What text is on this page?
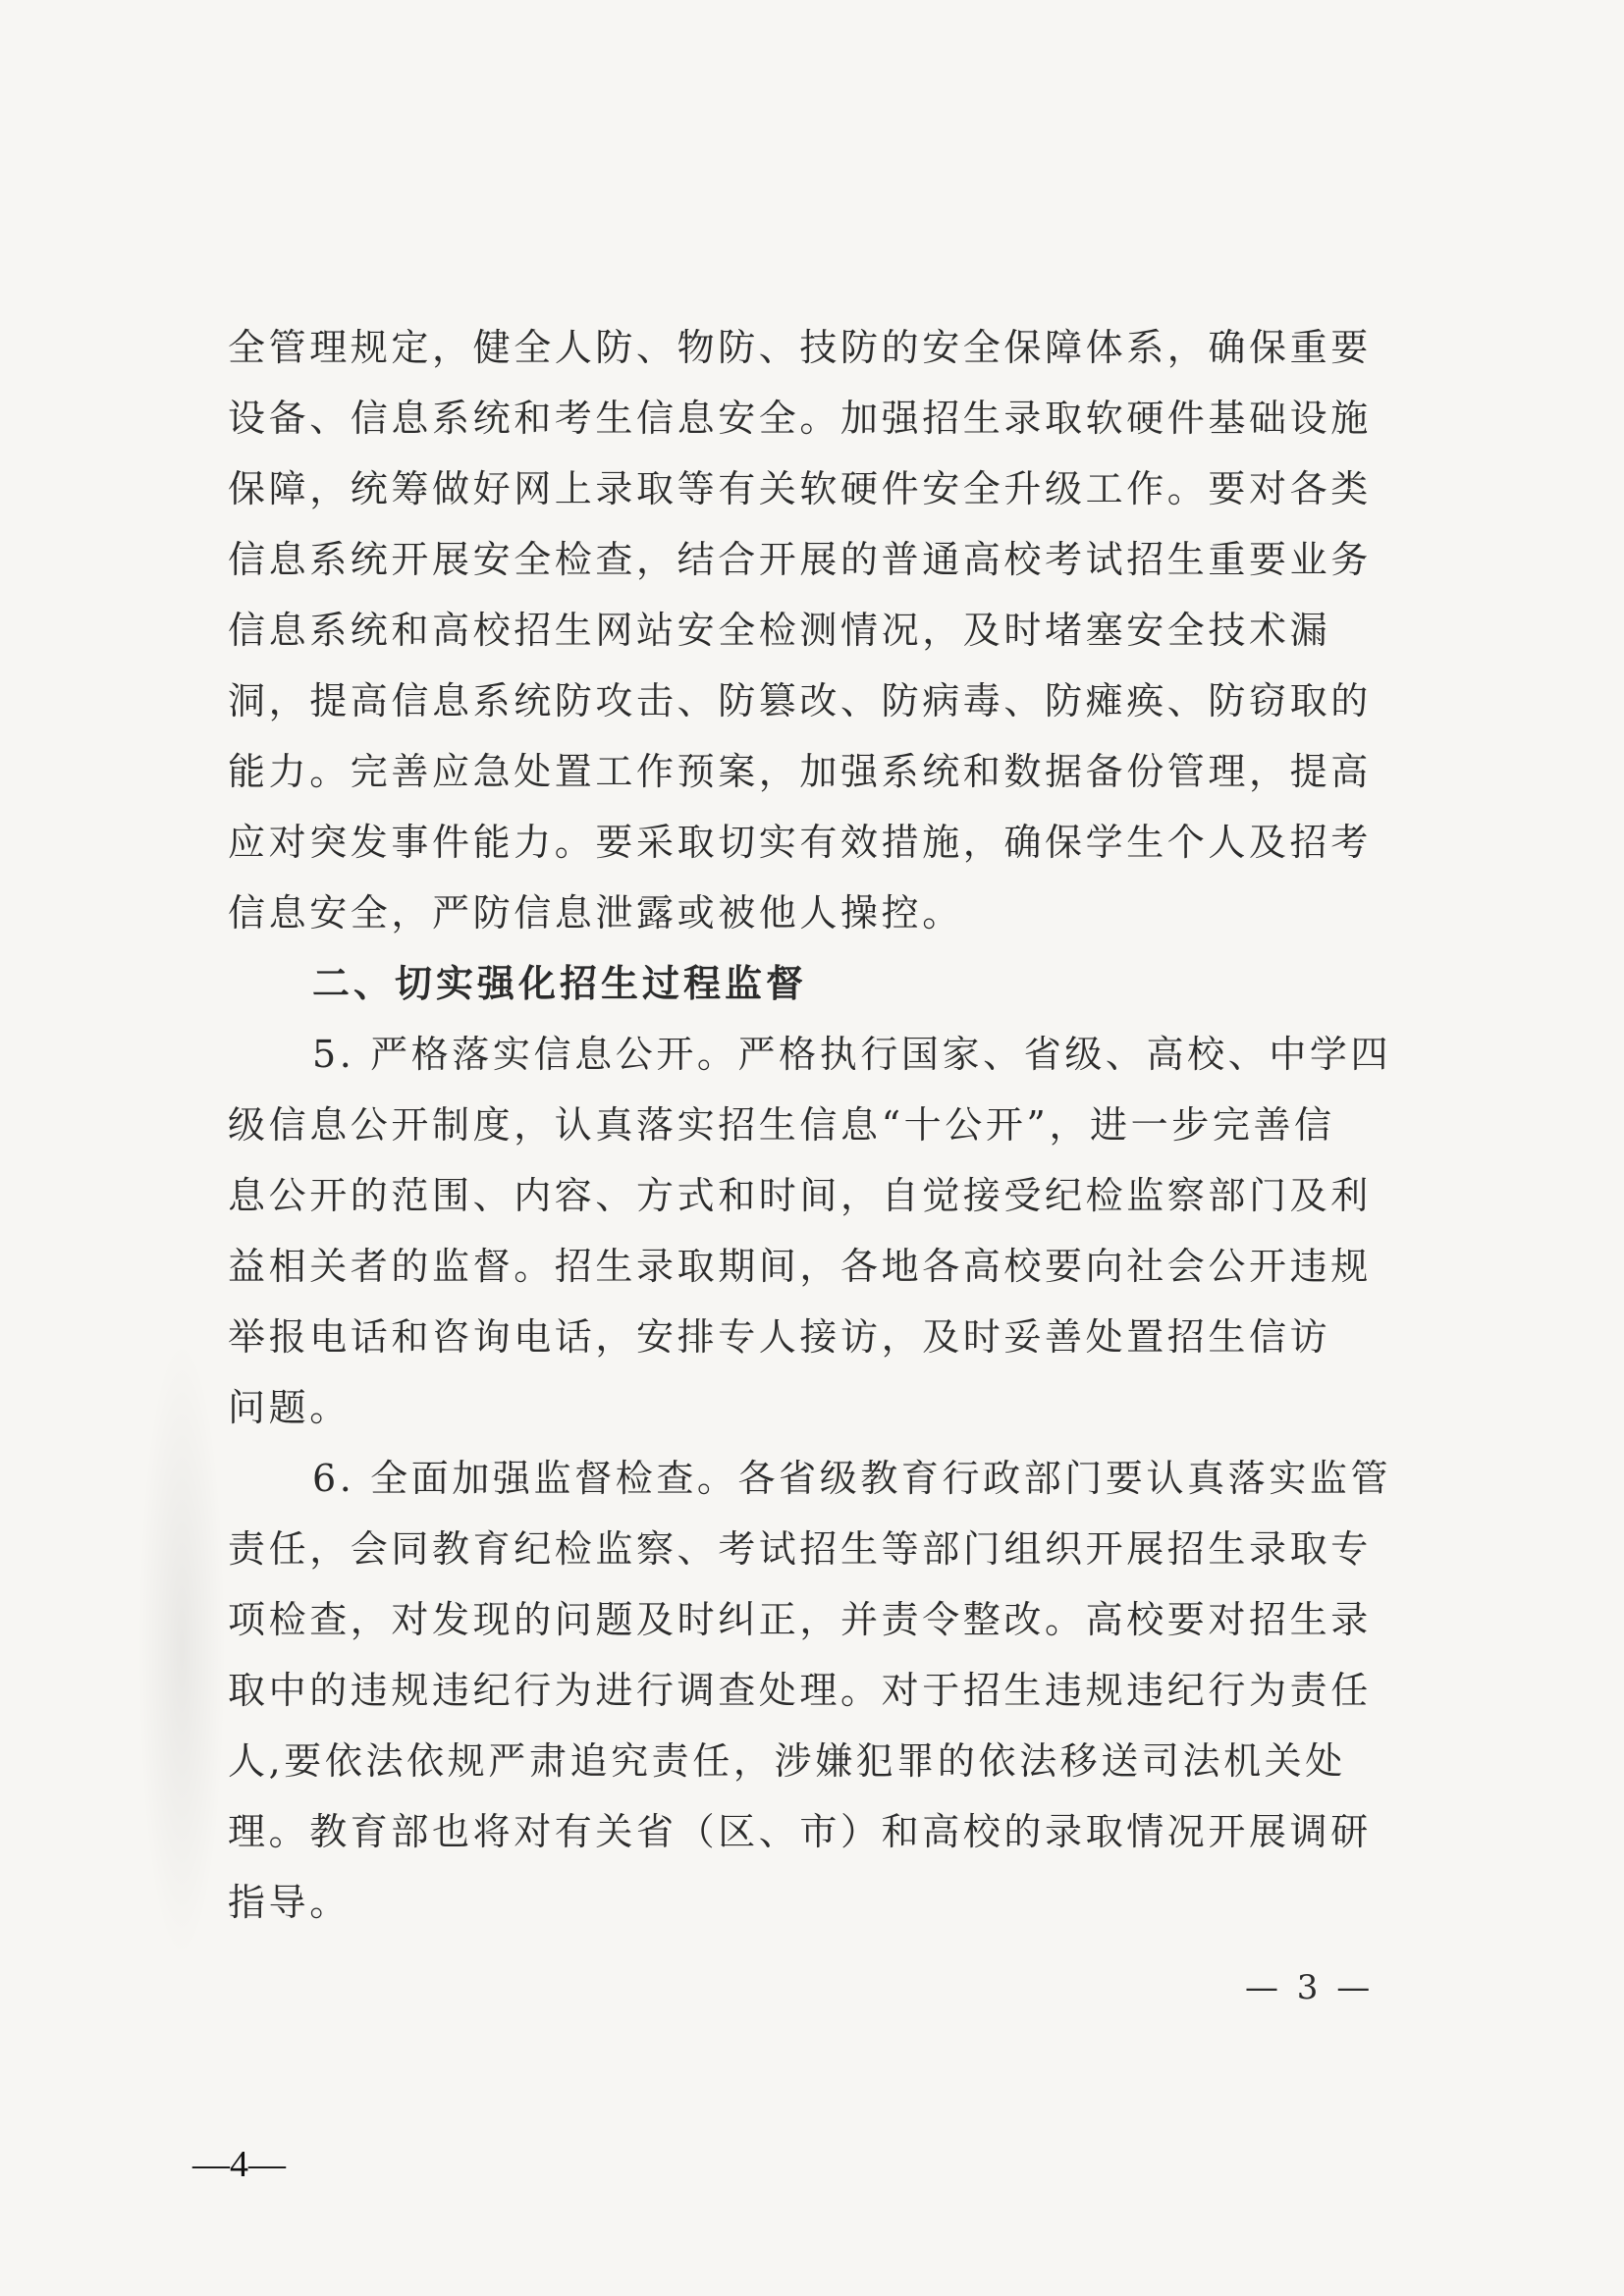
全管理规定，健全人防、物防、技防的安全保障体系，确保重要
设备、信息系统和考生信息安全。加强招生录取软硬件基础设施
保障，统筹做好网上录取等有关软硬件安全升级工作。要对各类
信息系统开展安全检查，结合开展的普通高校考试招生重要业务
信息系统和高校招生网站安全检测情况，及时堵塞安全技术漏
洞，提高信息系统防攻击、防篡改、防病毒、防瘫痪、防窃取的
能力。完善应急处置工作预案，加强系统和数据备份管理，提高
应对突发事件能力。要采取切实有效措施，确保学生个人及招考
信息安全，严防信息泄露或被他人操控。
二、切实强化招生过程监督
5. 严格落实信息公开。严格执行国家、省级、高校、中学四
级信息公开制度，认真落实招生信息“十公开”，进一步完善信
息公开的范围、内容、方式和时间，自觉接受纪检监察部门及利
益相关者的监督。招生录取期间，各地各高校要向社会公开违规
举报电话和咨询电话，安排专人接访，及时妥善处置招生信访
问题。
6. 全面加强监督检查。各省级教育行政部门要认真落实监管
责任，会同教育纪检监察、考试招生等部门组织开展招生录取专
项检查，对发现的问题及时纠正，并责令整改。高校要对招生录
取中的违规违纪行为进行调查处理。对于招生违规违纪行为责任
人,要依法依规严肃追究责任，涉嫌犯罪的依法移送司法机关处
理。教育部也将对有关省（区、市）和高校的录取情况开展调研
指导。
— 3 —
—4—
